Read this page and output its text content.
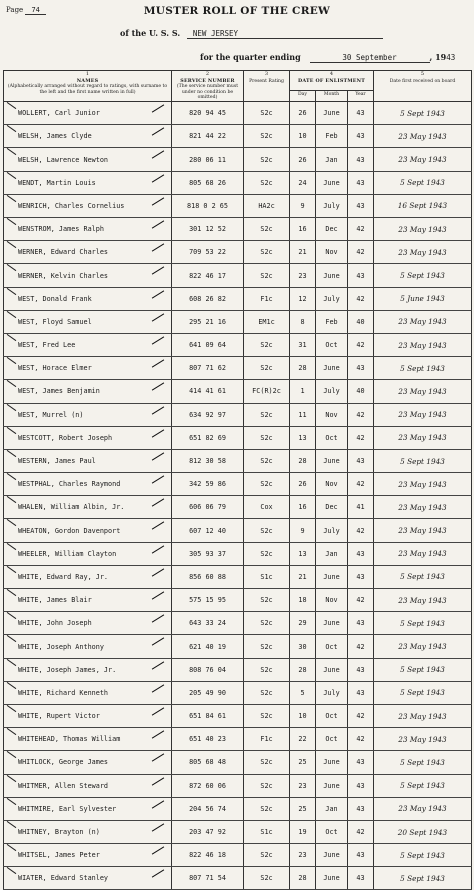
Page 74	MUSTER ROLL OF THE CREW
of the U. S. S. NEW JERSEY
for the quarter ending	30 September	, 1943
1
NAMES
(Alphabetically arranged without regard to ratings, with surname to the left and the first name written in full)	2
SERVICE NUMBER
(The service number must under no condition be omitted)	3
Present Rating	4
DATE OF ENLISTMENT			5
Date first received on board
			Day	Month	Year	
WOLLERT, Carl Junior	820 94 45	S2c	26	June	43	5 Sept 1943
WELSH, James Clyde	821 44 22	S2c	10	Feb	43	23 May 1943
WELSH, Lawrence Newton	280 06 11	S2c	26	Jan	43	23 May 1943
WENDT, Martin Louis	805 68 26	S2c	24	June	43	5 Sept 1943
WENRICH, Charles Cornelius	818 0 2 65	HA2c	9	July	43	16 Sept 1943
WENSTROM, James Ralph	301 12 52	S2c	16	Dec	42	23 May 1943
WERNER, Edward Charles	709 53 22	S2c	21	Nov	42	23 May 1943
WERNER, Kelvin Charles	822 46 17	S2c	23	June	43	5 Sept 1943
WEST, Donald Frank	608 26 82	F1c	12	July	42	5 June 1943
WEST, Floyd Samuel	295 21 16	EM1c	8	Feb	40	23 May 1943
WEST, Fred Lee	641 09 64	S2c	31	Oct	42	23 May 1943
WEST, Horace Elmer	807 71 62	S2c	28	June	43	5 Sept 1943
WEST, James Benjamin	414 41 61	FC(R)2c	1	July	40	23 May 1943
WEST, Murrel (n)	634 92 97	S2c	11	Nov	42	23 May 1943
WESTCOTT, Robert Joseph	651 82 69	S2c	13	Oct	42	23 May 1943
WESTERN, James Paul	812 30 58	S2c	28	June	43	5 Sept 1943
WESTPHAL, Charles Raymond	342 59 86	S2c	26	Nov	42	23 May 1943
WHALEN, William Albin, Jr.	606 06 79	Cox	16	Dec	41	23 May 1943
WHEATON, Gordon Davenport	607 12 40	S2c	9	July	42	23 May 1943
WHEELER, William Clayton	305 93 37	S2c	13	Jan	43	23 May 1943
WHITE, Edward Ray, Jr.	856 60 88	S1c	21	June	43	5 Sept 1943
WHITE, James Blair	575 15 95	S2c	18	Nov	42	23 May 1943
WHITE, John Joseph	643 33 24	S2c	29	June	43	5 Sept 1943
WHITE, Joseph Anthony	621 40 19	S2c	30	Oct	42	23 May 1943
WHITE, Joseph James, Jr.	808 76 04	S2c	28	June	43	5 Sept 1943
WHITE, Richard Kenneth	205 49 90	S2c	5	July	43	5 Sept 1943
WHITE, Rupert Victor	651 84 61	S2c	10	Oct	42	23 May 1943
WHITEHEAD, Thomas William	651 40 23	F1c	22	Oct	42	23 May 1943
WHITLOCK, George James	805 68 48	S2c	25	June	43	5 Sept 1943
WHITMER, Allen Steward	872 60 06	S2c	23	June	43	5 Sept 1943
WHITMIRE, Earl Sylvester	204 56 74	S2c	25	Jan	43	23 May 1943
WHITNEY, Brayton (n)	203 47 92	S1c	19	Oct	42	20 Sept 1943
WHITSEL, James Peter	822 46 18	S2c	23	June	43	5 Sept 1943
WIATER, Edward Stanley	807 71 54	S2c	28	June	43	5 Sept 1943
